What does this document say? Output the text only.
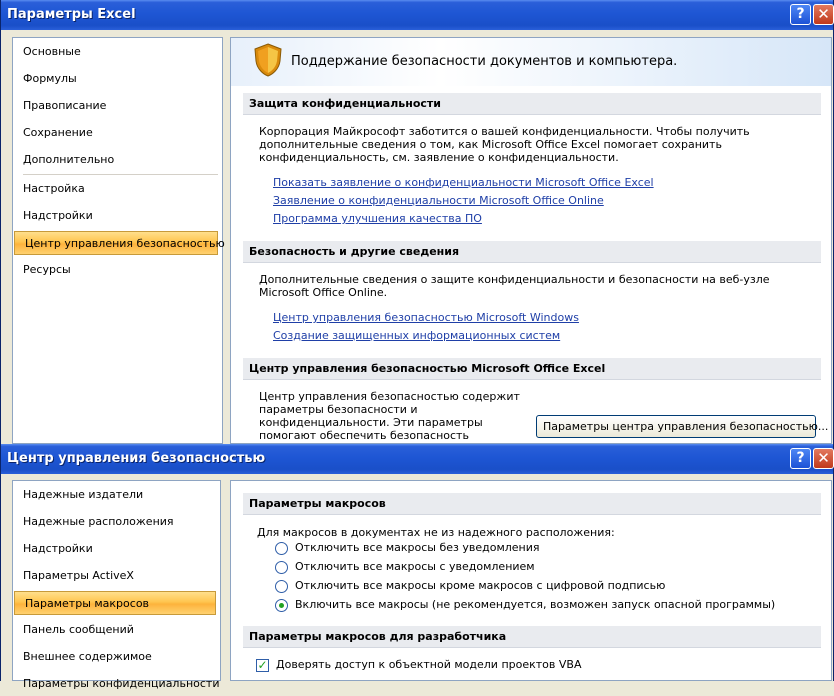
Параметры Excel	? ✕
Основные
Формулы
Правописание
Сохранение
Дополнительно
Настройка
Надстройки
Центр управления безопасностью
Ресурсы
Поддержание безопасности документов и компьютера.
Защита конфиденциальности
Корпорация Майкрософт заботится о вашей конфиденциальности. Чтобы получить дополнительные сведения о том, как Microsoft Office Excel помогает сохранить конфиденциальность, см. заявление о конфиденциальности.
Показать заявление о конфиденциальности Microsoft Office Excel
Заявление о конфиденциальности Microsoft Office Online
Программа улучшения качества ПО
Безопасность и другие сведения
Дополнительные сведения о защите конфиденциальности и безопасности на веб-узле Microsoft Office Online.
Центр управления безопасностью Microsoft Windows
Создание защищенных информационных систем
Центр управления безопасностью Microsoft Office Excel
Центр управления безопасностью содержит параметры безопасности и конфиденциальности. Эти параметры помогают обеспечить безопасность
Параметры центра управления безопасностью...
Центр управления безопасностью	? ✕
Надежные издатели
Надежные расположения
Надстройки
Параметры ActiveX
Параметры макросов
Панель сообщений
Внешнее содержимое
Параметры конфиденциальности
Параметры макросов
Для макросов в документах не из надежного расположения:
Отключить все макросы без уведомления
Отключить все макросы с уведомлением
Отключить все макросы кроме макросов с цифровой подписью
Включить все макросы (не рекомендуется, возможен запуск опасной программы)
Параметры макросов для разработчика
✓ Доверять доступ к объектной модели проектов VBA
